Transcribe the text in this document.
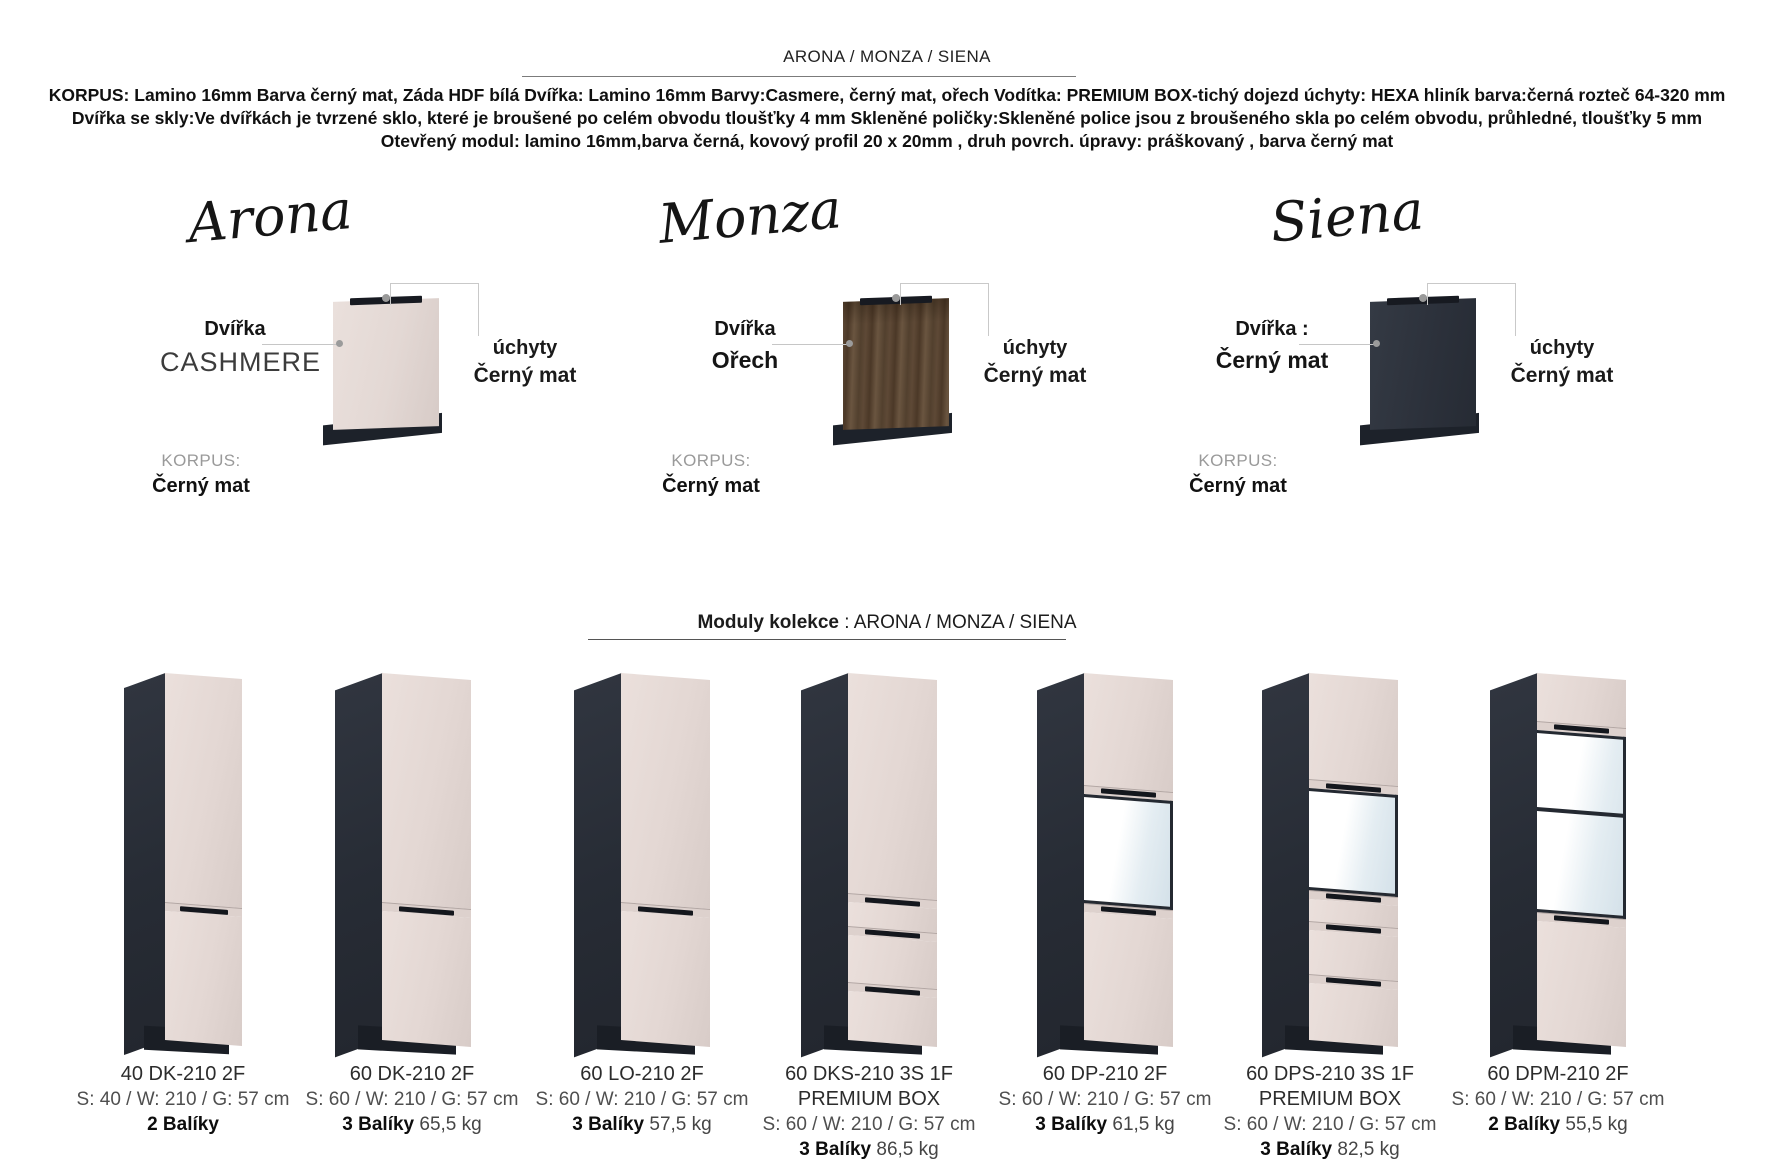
ARONA / MONZA / SIENA
KORPUS: Lamino 16mm Barva černý mat, Záda HDF bílá Dvířka: Lamino 16mm Barvy:Casmere, černý mat, ořech Vodítka: PREMIUM BOX-tichý dojezd úchyty: HEXA hliník barva:černá rozteč 64-320 mm
Dvířka se skly:Ve dvířkách je tvrzené sklo, které je broušené po celém obvodu tloušťky 4 mm Skleněné poličky:Skleněné police jsou z broušeného skla po celém obvodu, průhledné, tloušťky 5 mm
Otevřený modul: lamino 16mm,barva černá, kovový profil 20 x 20mm , druh povrch. úpravy: práškovaný , barva černý mat
Arona
Dvířka
CASHMERE	úchyty
Černý mat
KORPUS:
Černý mat
Monza
Dvířka
Ořech	úchyty
Černý mat
KORPUS:
Černý mat
Siena
Dvířka :
Černý mat	úchyty
Černý mat
KORPUS:
Černý mat
Moduly kolekce : ARONA / MONZA / SIENA
40 DK-210 2F
S: 40 / W: 210 / G: 57 cm
2 Balíky
60 DK-210 2F
S: 60 / W: 210 / G: 57 cm
3 Balíky 65,5 kg
60 LO-210 2F
S: 60 / W: 210 / G: 57 cm
3 Balíky 57,5 kg
60 DKS-210 3S 1F
PREMIUM BOX
S: 60 / W: 210 / G: 57 cm
3 Balíky 86,5 kg
60 DP-210 2F
S: 60 / W: 210 / G: 57 cm
3 Balíky 61,5 kg
60 DPS-210 3S 1F
PREMIUM BOX
S: 60 / W: 210 / G: 57 cm
3 Balíky 82,5 kg
60 DPM-210 2F
S: 60 / W: 210 / G: 57 cm
2 Balíky 55,5 kg
